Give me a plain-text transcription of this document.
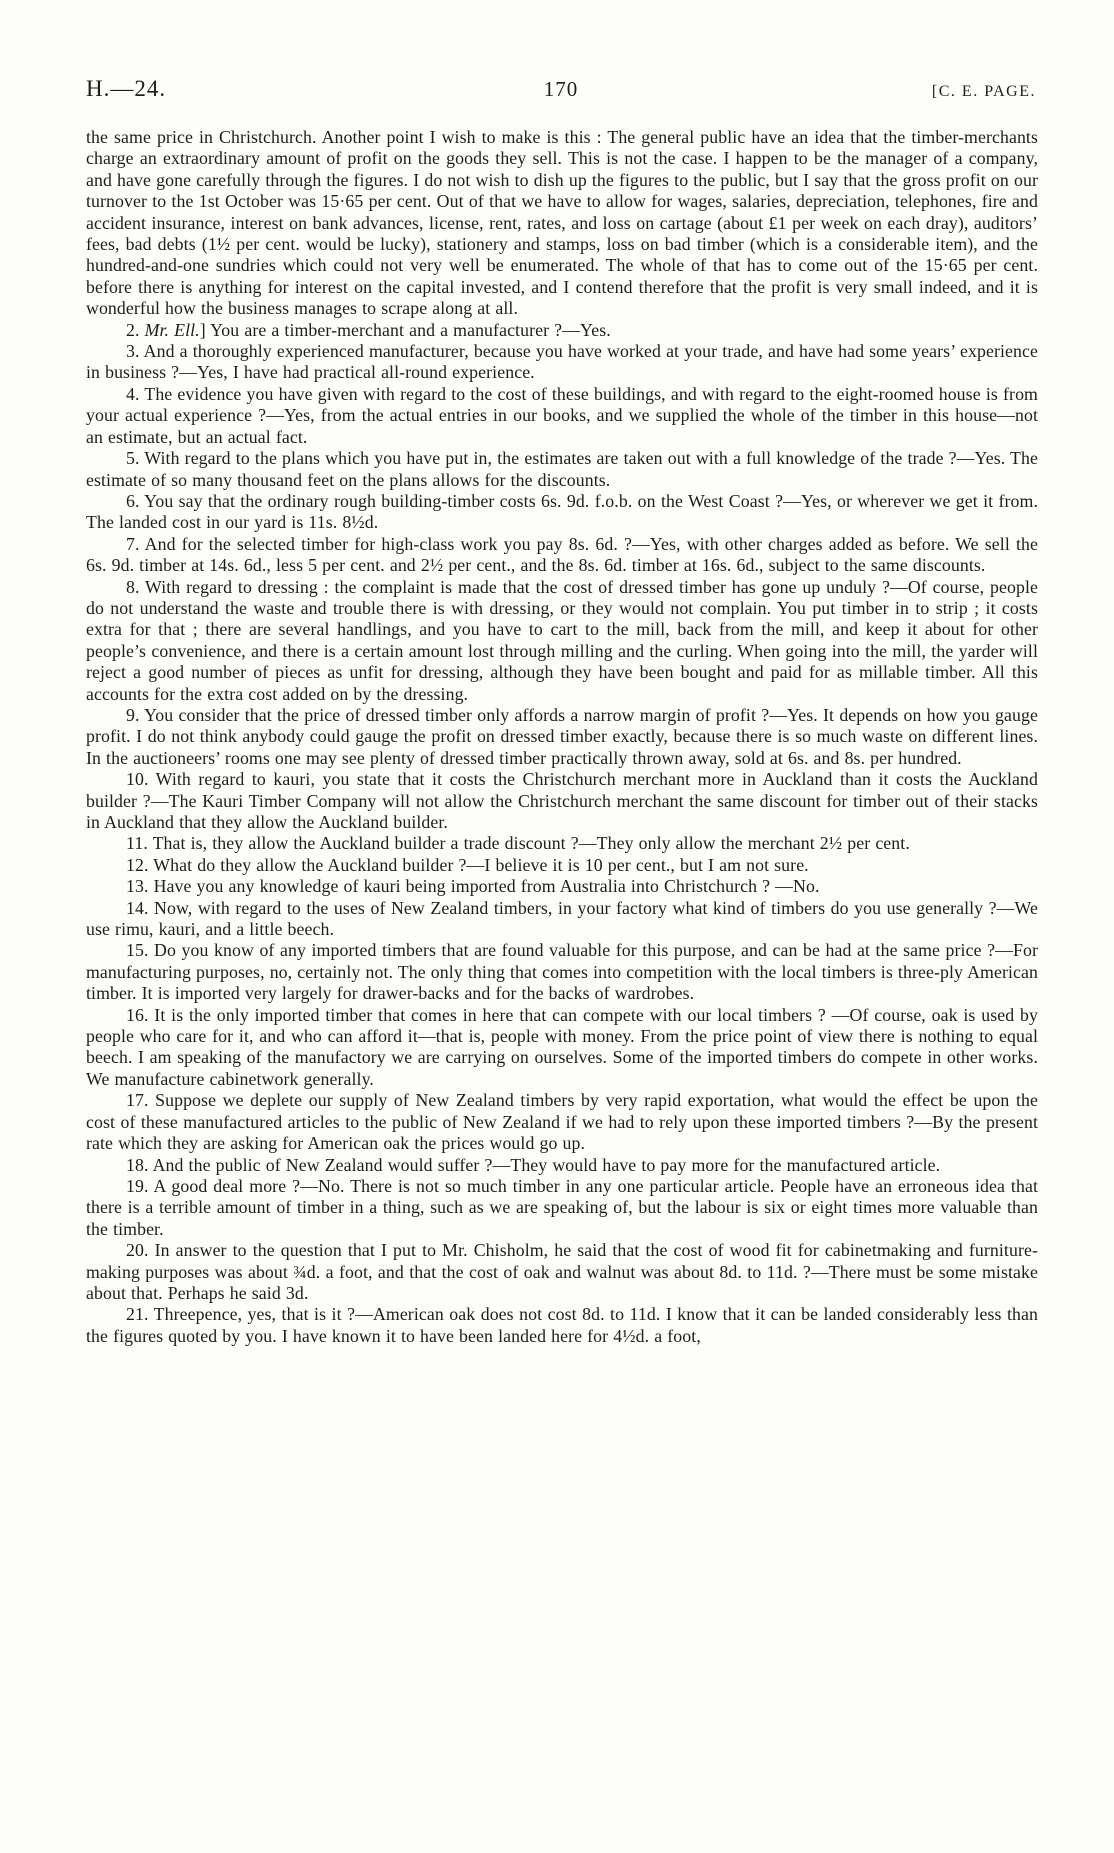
H.—24.	170	[C. E. PAGE.

the same price in Christchurch. Another point I wish to make is this : The general public have an idea that the timber-merchants charge an extraordinary amount of profit on the goods they sell. This is not the case. I happen to be the manager of a company, and have gone carefully through the figures. I do not wish to dish up the figures to the public, but I say that the gross profit on our turnover to the 1st October was 15·65 per cent. Out of that we have to allow for wages, salaries, depreciation, telephones, fire and accident insurance, interest on bank advances, license, rent, rates, and loss on cartage (about £1 per week on each dray), auditors’ fees, bad debts (1½ per cent. would be lucky), stationery and stamps, loss on bad timber (which is a considerable item), and the hundred-and-one sundries which could not very well be enumerated. The whole of that has to come out of the 15·65 per cent. before there is anything for interest on the capital invested, and I contend therefore that the profit is very small indeed, and it is wonderful how the business manages to scrape along at all.

2. Mr. Ell.] You are a timber-merchant and a manufacturer ?—Yes.

3. And a thoroughly experienced manufacturer, because you have worked at your trade, and have had some years’ experience in business ?—Yes, I have had practical all-round experience.

4. The evidence you have given with regard to the cost of these buildings, and with regard to the eight-roomed house is from your actual experience ?—Yes, from the actual entries in our books, and we supplied the whole of the timber in this house—not an estimate, but an actual fact.

5. With regard to the plans which you have put in, the estimates are taken out with a full knowledge of the trade ?—Yes. The estimate of so many thousand feet on the plans allows for the discounts.

6. You say that the ordinary rough building-timber costs 6s. 9d. f.o.b. on the West Coast ?—Yes, or wherever we get it from. The landed cost in our yard is 11s. 8½d.

7. And for the selected timber for high-class work you pay 8s. 6d. ?—Yes, with other charges added as before. We sell the 6s. 9d. timber at 14s. 6d., less 5 per cent. and 2½ per cent., and the 8s. 6d. timber at 16s. 6d., subject to the same discounts.

8. With regard to dressing : the complaint is made that the cost of dressed timber has gone up unduly ?—Of course, people do not understand the waste and trouble there is with dressing, or they would not complain. You put timber in to strip ; it costs extra for that ; there are several handlings, and you have to cart to the mill, back from the mill, and keep it about for other people’s convenience, and there is a certain amount lost through milling and the curling. When going into the mill, the yarder will reject a good number of pieces as unfit for dressing, although they have been bought and paid for as millable timber. All this accounts for the extra cost added on by the dressing.

9. You consider that the price of dressed timber only affords a narrow margin of profit ?—Yes. It depends on how you gauge profit. I do not think anybody could gauge the profit on dressed timber exactly, because there is so much waste on different lines. In the auctioneers’ rooms one may see plenty of dressed timber practically thrown away, sold at 6s. and 8s. per hundred.

10. With regard to kauri, you state that it costs the Christchurch merchant more in Auckland than it costs the Auckland builder ?—The Kauri Timber Company will not allow the Christchurch merchant the same discount for timber out of their stacks in Auckland that they allow the Auckland builder.

11. That is, they allow the Auckland builder a trade discount ?—They only allow the merchant 2½ per cent.

12. What do they allow the Auckland builder ?—I believe it is 10 per cent., but I am not sure.

13. Have you any knowledge of kauri being imported from Australia into Christchurch ? —No.

14. Now, with regard to the uses of New Zealand timbers, in your factory what kind of timbers do you use generally ?—We use rimu, kauri, and a little beech.

15. Do you know of any imported timbers that are found valuable for this purpose, and can be had at the same price ?—For manufacturing purposes, no, certainly not. The only thing that comes into competition with the local timbers is three-ply American timber. It is imported very largely for drawer-backs and for the backs of wardrobes.

16. It is the only imported timber that comes in here that can compete with our local timbers ? —Of course, oak is used by people who care for it, and who can afford it—that is, people with money. From the price point of view there is nothing to equal beech. I am speaking of the manufactory we are carrying on ourselves. Some of the imported timbers do compete in other works. We manufacture cabinetwork generally.

17. Suppose we deplete our supply of New Zealand timbers by very rapid exportation, what would the effect be upon the cost of these manufactured articles to the public of New Zealand if we had to rely upon these imported timbers ?—By the present rate which they are asking for American oak the prices would go up.

18. And the public of New Zealand would suffer ?—They would have to pay more for the manufactured article.

19. A good deal more ?—No. There is not so much timber in any one particular article. People have an erroneous idea that there is a terrible amount of timber in a thing, such as we are speaking of, but the labour is six or eight times more valuable than the timber.

20. In answer to the question that I put to Mr. Chisholm, he said that the cost of wood fit for cabinetmaking and furniture-making purposes was about ¾d. a foot, and that the cost of oak and walnut was about 8d. to 11d. ?—There must be some mistake about that. Perhaps he said 3d.

21. Threepence, yes, that is it ?—American oak does not cost 8d. to 11d. I know that it can be landed considerably less than the figures quoted by you. I have known it to have been landed here for 4½d. a foot,
